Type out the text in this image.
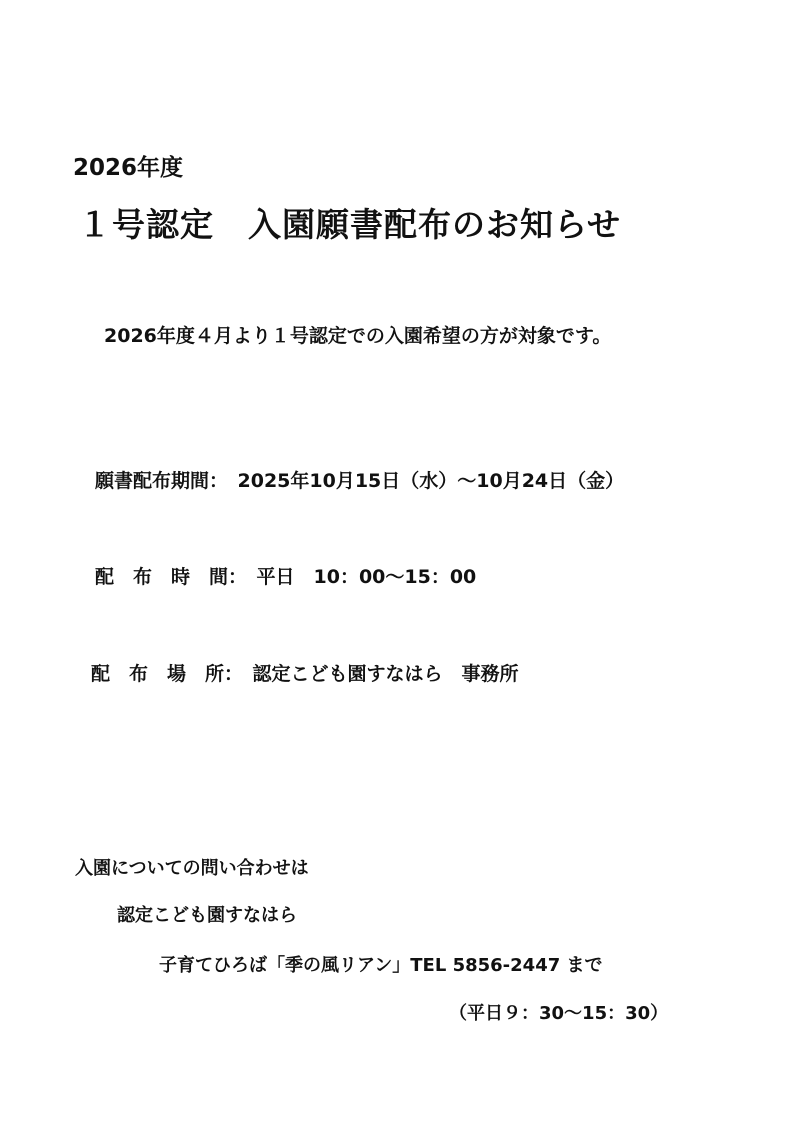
2026年度
１号認定　入園願書配布のお知らせ
2026年度４月より１号認定での入園希望の方が対象です。
願書配布期間：　2025年10月15日（水）～10月24日（金）
配　布　時　間：　平日　10：00～15：00
配　布　場　所：　認定こども園すなはら　事務所
入園についての問い合わせは
認定こども園すなはら
子育てひろば「季の風リアン」TEL 5856-2447 まで
（平日９：30～15：30）
